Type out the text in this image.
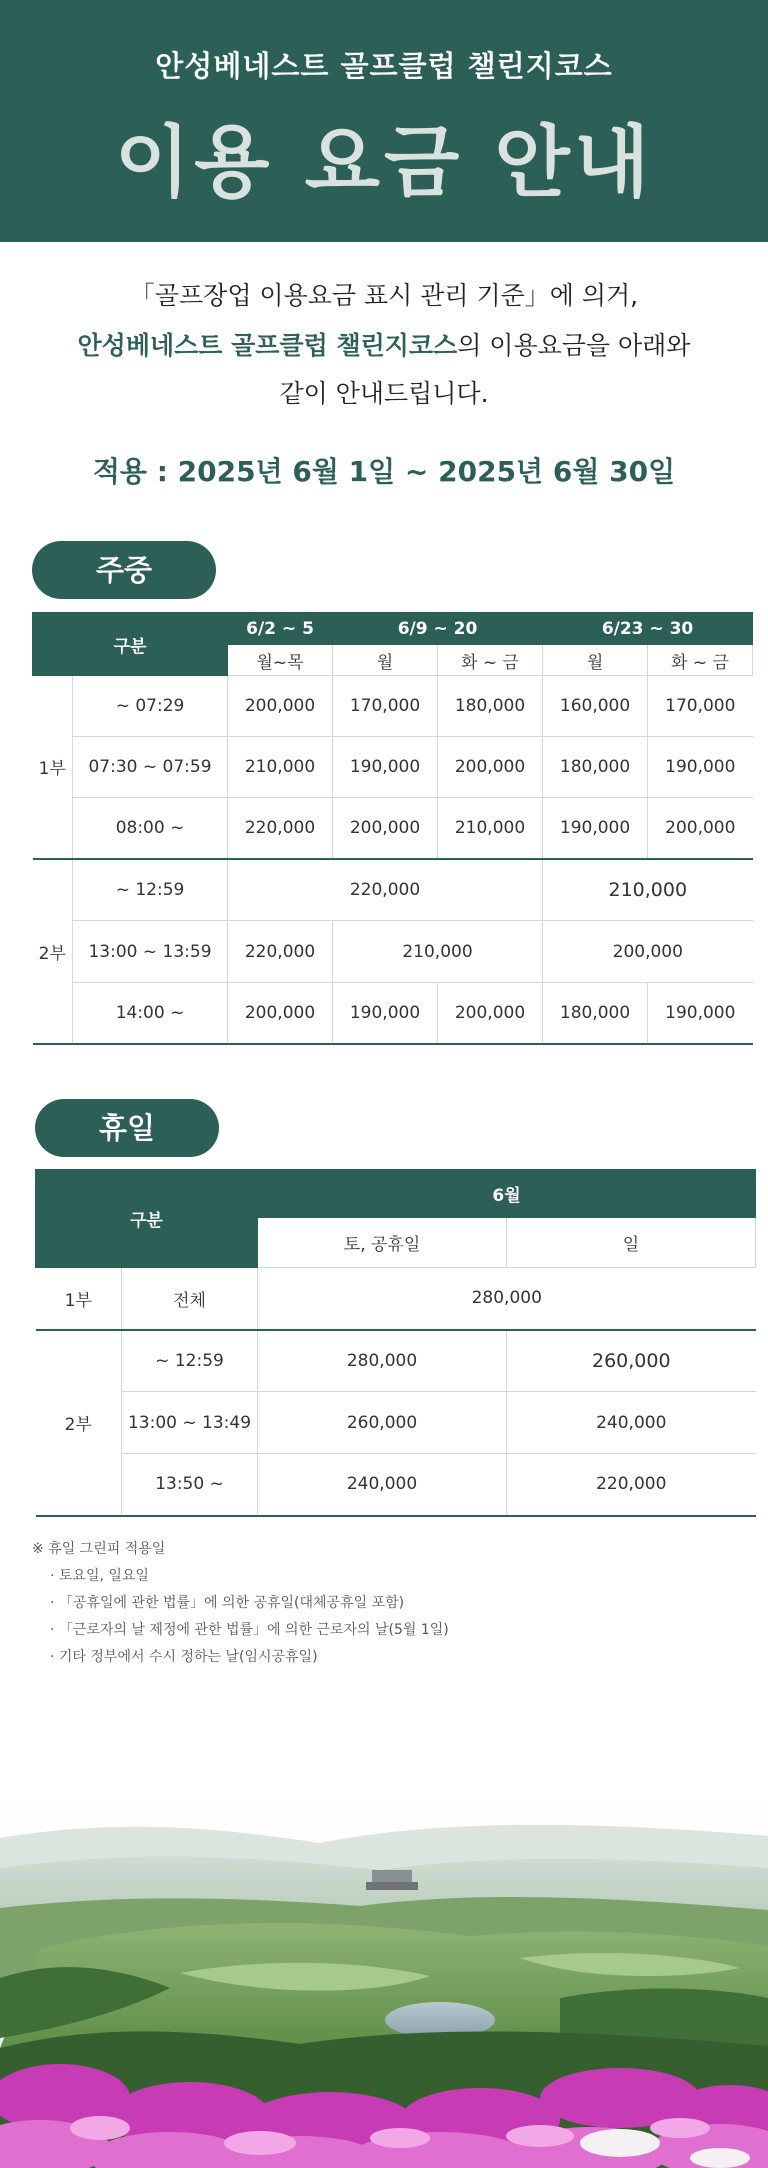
안성베네스트 골프클럽 챌린지코스
이용 요금 안내
「골프장업 이용요금 표시 관리 기준」에 의거,
안성베네스트 골프클럽 챌린지코스의 이용요금을 아래와
같이 안내드립니다.
적용 : 2025년 6월 1일 ~ 2025년 6월 30일
주중
구분		6/2 ~ 5	6/9 ~ 20		6/23 ~ 30	
		월~목	월	화 ~ 금	월	화 ~ 금
1부	~ 07:29	200,000	170,000	180,000	160,000	170,000
	07:30 ~ 07:59	210,000	190,000	200,000	180,000	190,000
	08:00 ~	220,000	200,000	210,000	190,000	200,000
2부	~ 12:59	220,000			210,000	
	13:00 ~ 13:59	220,000	210,000		200,000	
	14:00 ~	200,000	190,000	200,000	180,000	190,000
휴일
구분		6월	
		토, 공휴일	일
1부	전체	280,000	
2부	~ 12:59	280,000	260,000
	13:00 ~ 13:49	260,000	240,000
	13:50 ~	240,000	220,000
※ 휴일 그린피 적용일
· 토요일, 일요일
· 「공휴일에 관한 법률」에 의한 공휴일(대체공휴일 포함)
· 「근로자의 날 제정에 관한 법률」에 의한 근로자의 날(5월 1일)
· 기타 정부에서 수시 정하는 날(임시공휴일)
